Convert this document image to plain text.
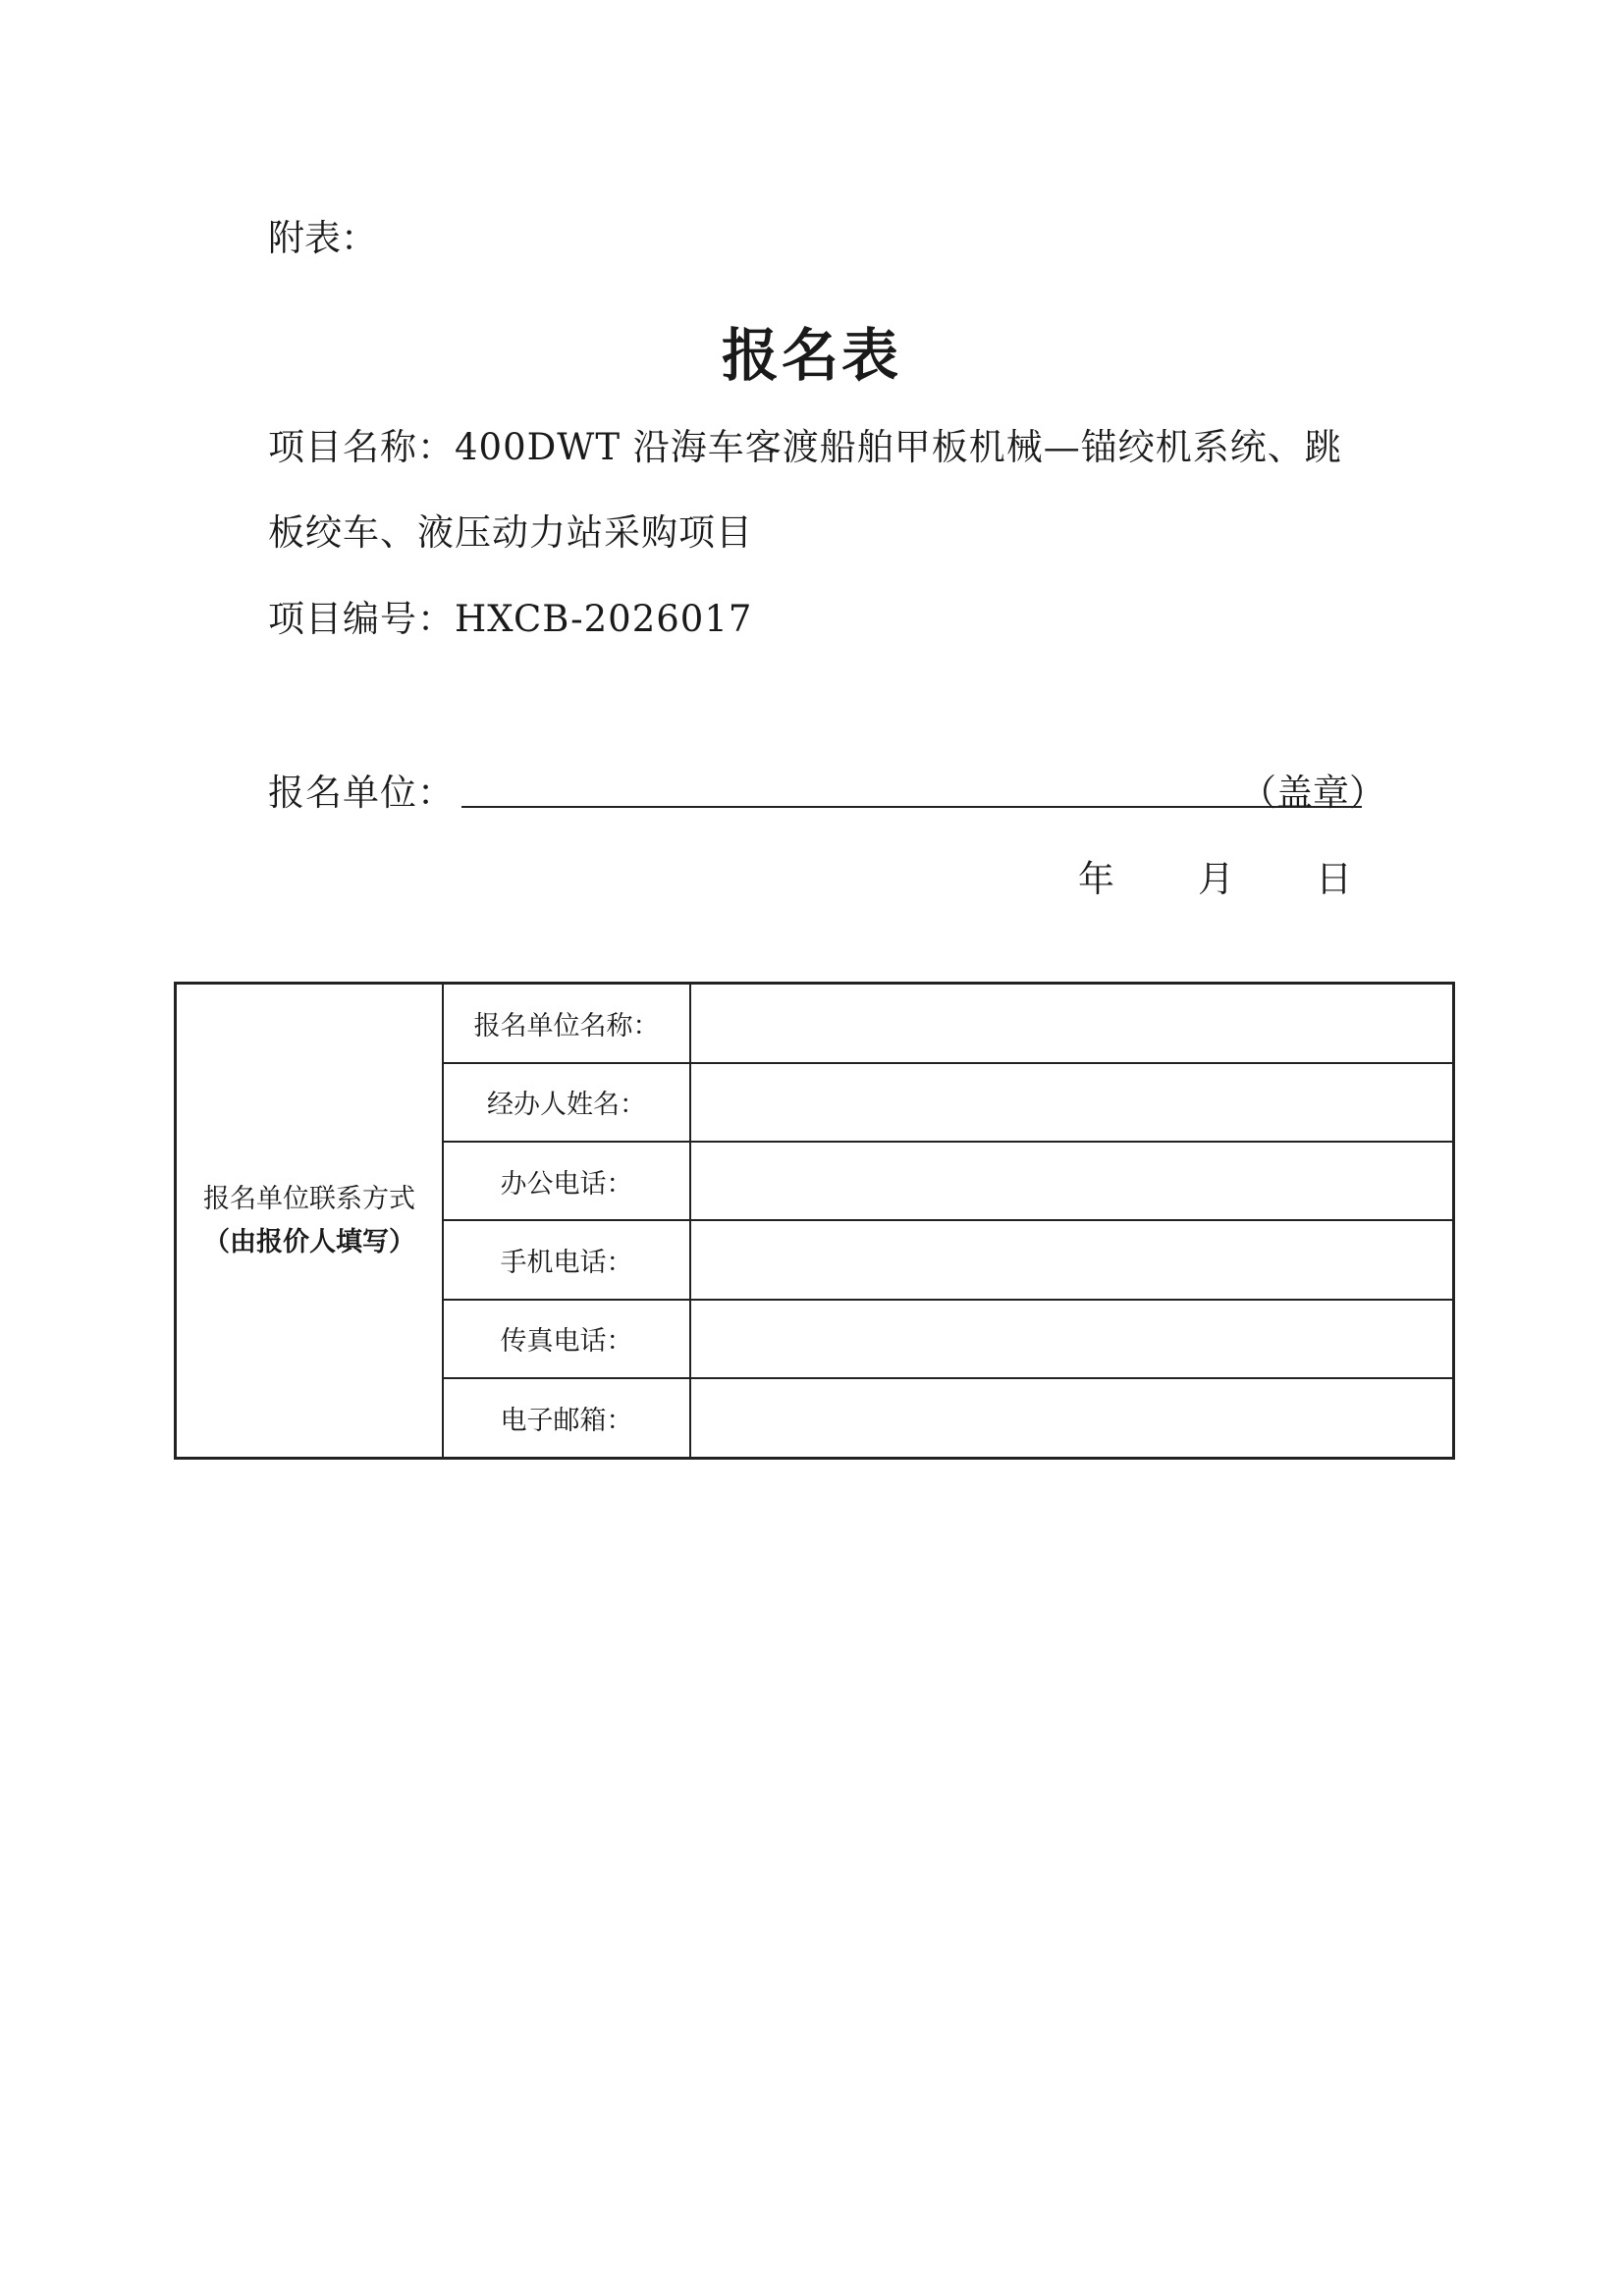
附表：
报名表
项目名称：400DWT 沿海车客渡船舶甲板机械—锚绞机系统、跳
板绞车、液压动力站采购项目
项目编号：HXCB-2026017
报名单位：	（盖章）
年 月 日
报名单位联系方式
（由报价人填写）	报名单位名称：	
	经办人姓名：	
	办公电话：	
	手机电话：	
	传真电话：	
	电子邮箱：	
